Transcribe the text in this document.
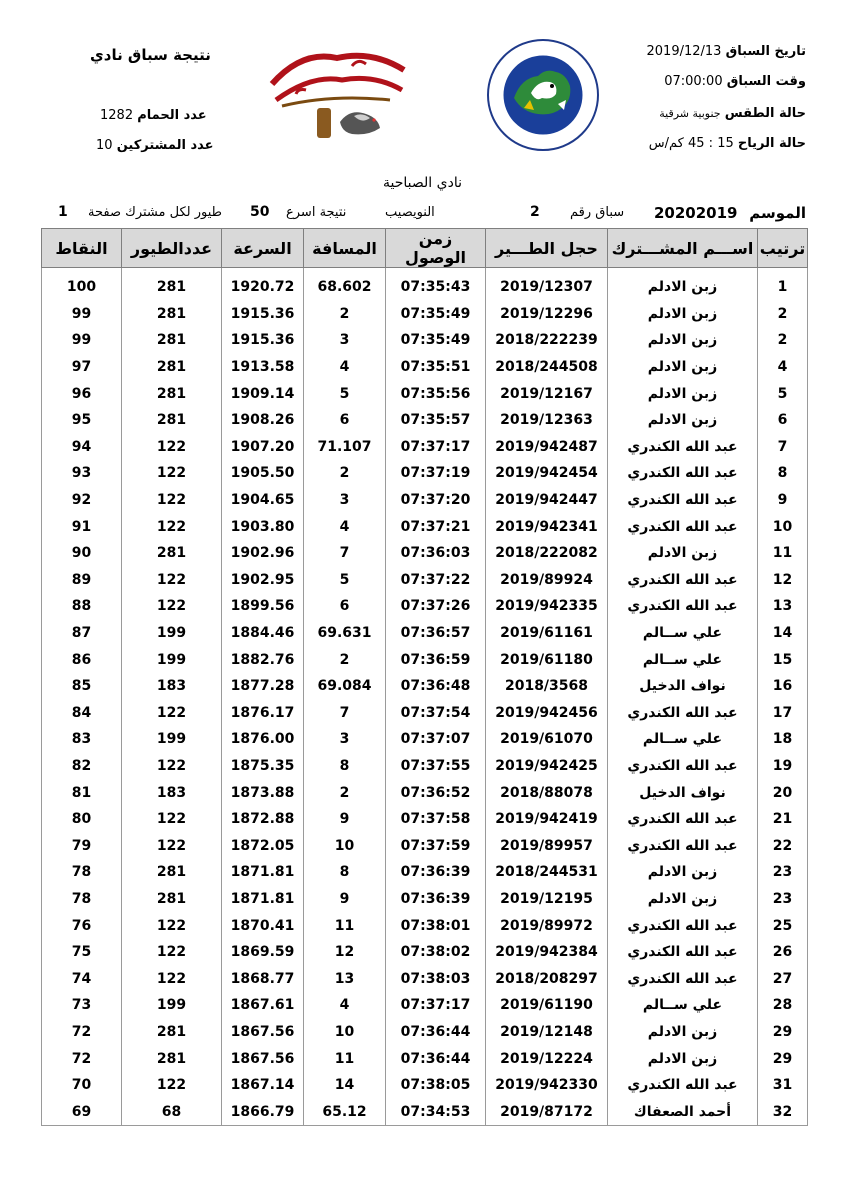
تاريخ السباق 2019/12/13
وقت السباق 07:00:00
حالة الطقس جنوبية شرقية
حالة الرياح 15 : 45 كم/س
نتيجة سباق نادي
عدد الحمام 1282
عدد المشتركين 10
نادي الصباحية
الموسم
20202019
سباق رقم
2
النويصيب
نتيجة اسرع
50
طيور لكل مشترك صفحة
1
ترتيب	اســـم المشـــترك	حجل الطـــير	زمن الوصول	المسافة	السرعة	عددالطيور	النقاط

1	زبن الادلم	2019/12307	07:35:43	68.602	1920.72	281	100
2	زبن الادلم	2019/12296	07:35:49	2	1915.36	281	99
2	زبن الادلم	2018/222239	07:35:49	3	1915.36	281	99
4	زبن الادلم	2018/244508	07:35:51	4	1913.58	281	97
5	زبن الادلم	2019/12167	07:35:56	5	1909.14	281	96
6	زبن الادلم	2019/12363	07:35:57	6	1908.26	281	95
7	عبد الله الكندري	2019/942487	07:37:17	71.107	1907.20	122	94
8	عبد الله الكندري	2019/942454	07:37:19	2	1905.50	122	93
9	عبد الله الكندري	2019/942447	07:37:20	3	1904.65	122	92
10	عبد الله الكندري	2019/942341	07:37:21	4	1903.80	122	91
11	زبن الادلم	2018/222082	07:36:03	7	1902.96	281	90
12	عبد الله الكندري	2019/89924	07:37:22	5	1902.95	122	89
13	عبد الله الكندري	2019/942335	07:37:26	6	1899.56	122	88
14	علي ســالم	2019/61161	07:36:57	69.631	1884.46	199	87
15	علي ســالم	2019/61180	07:36:59	2	1882.76	199	86
16	نواف الدخيل	2018/3568	07:36:48	69.084	1877.28	183	85
17	عبد الله الكندري	2019/942456	07:37:54	7	1876.17	122	84
18	علي ســالم	2019/61070	07:37:07	3	1876.00	199	83
19	عبد الله الكندري	2019/942425	07:37:55	8	1875.35	122	82
20	نواف الدخيل	2018/88078	07:36:52	2	1873.88	183	81
21	عبد الله الكندري	2019/942419	07:37:58	9	1872.88	122	80
22	عبد الله الكندري	2019/89957	07:37:59	10	1872.05	122	79
23	زبن الادلم	2018/244531	07:36:39	8	1871.81	281	78
23	زبن الادلم	2019/12195	07:36:39	9	1871.81	281	78
25	عبد الله الكندري	2019/89972	07:38:01	11	1870.41	122	76
26	عبد الله الكندري	2019/942384	07:38:02	12	1869.59	122	75
27	عبد الله الكندري	2018/208297	07:38:03	13	1868.77	122	74
28	علي ســالم	2019/61190	07:37:17	4	1867.61	199	73
29	زبن الادلم	2019/12148	07:36:44	10	1867.56	281	72
29	زبن الادلم	2019/12224	07:36:44	11	1867.56	281	72
31	عبد الله الكندري	2019/942330	07:38:05	14	1867.14	122	70
32	أحمد الصعفاك	2019/87172	07:34:53	65.12	1866.79	68	69
